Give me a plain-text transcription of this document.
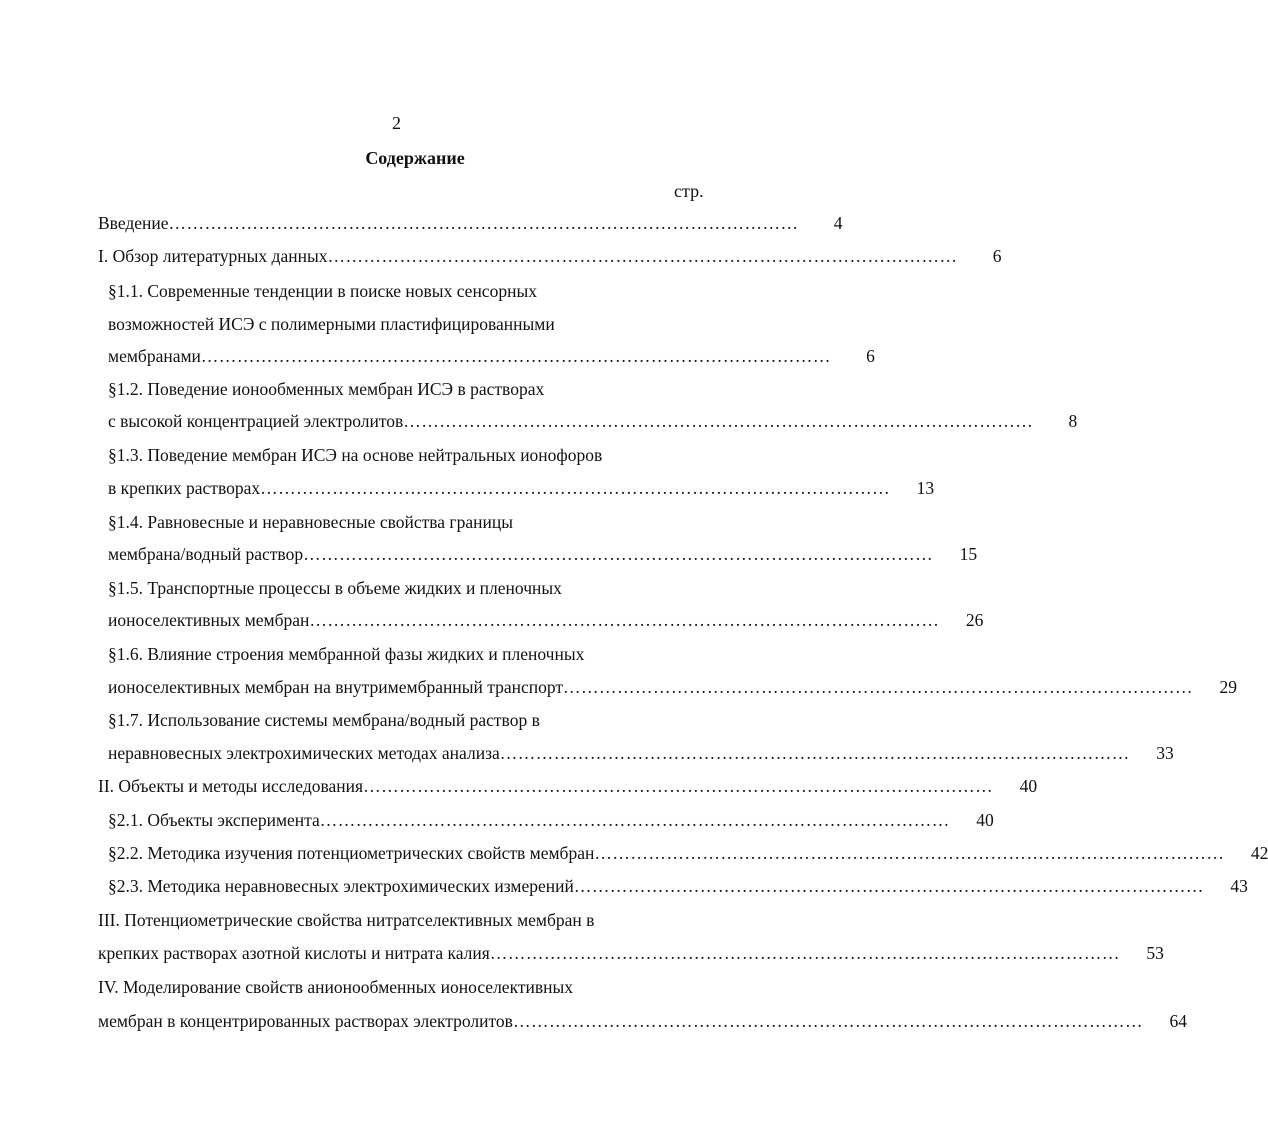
2
Содержание
стр.
Введение ……………………………………………………………………………………………	4
I. Обзор литературных данных ……………………………………………………………………………………………	6
§1.1. Современные тенденции в поиске новых сенсорных
возможностей ИСЭ с полимерными пластифицированными
мембранами ……………………………………………………………………………………………	6
§1.2. Поведение ионообменных мембран ИСЭ в растворах
с высокой концентрацией электролитов ……………………………………………………………………………………………	8
§1.3. Поведение мембран ИСЭ на основе нейтральных ионофоров
в крепких растворах ……………………………………………………………………………………………	13
§1.4. Равновесные и неравновесные свойства границы
мембрана/водный раствор ……………………………………………………………………………………………	15
§1.5. Транспортные процессы в объеме жидких и пленочных
ионоселективных мембран ……………………………………………………………………………………………	26
§1.6. Влияние строения мембранной фазы жидких и пленочных
ионоселективных мембран на внутримембранный транспорт ……………………………………………………………………………………………	29
§1.7. Использование системы мембрана/водный раствор в
неравновесных электрохимических методах анализа ……………………………………………………………………………………………	33
II. Объекты и методы исследования ……………………………………………………………………………………………	40
§2.1. Объекты эксперимента ……………………………………………………………………………………………	40
§2.2. Методика изучения потенциометрических свойств мембран ……………………………………………………………………………………………	42
§2.3. Методика неравновесных электрохимических измерений ……………………………………………………………………………………………	43
III. Потенциометрические свойства нитратселективных мембран в
крепких растворах азотной кислоты и нитрата калия ……………………………………………………………………………………………	53
IV. Моделирование свойств анионообменных ионоселективных
мембран в концентрированных растворах электролитов ……………………………………………………………………………………………	64
